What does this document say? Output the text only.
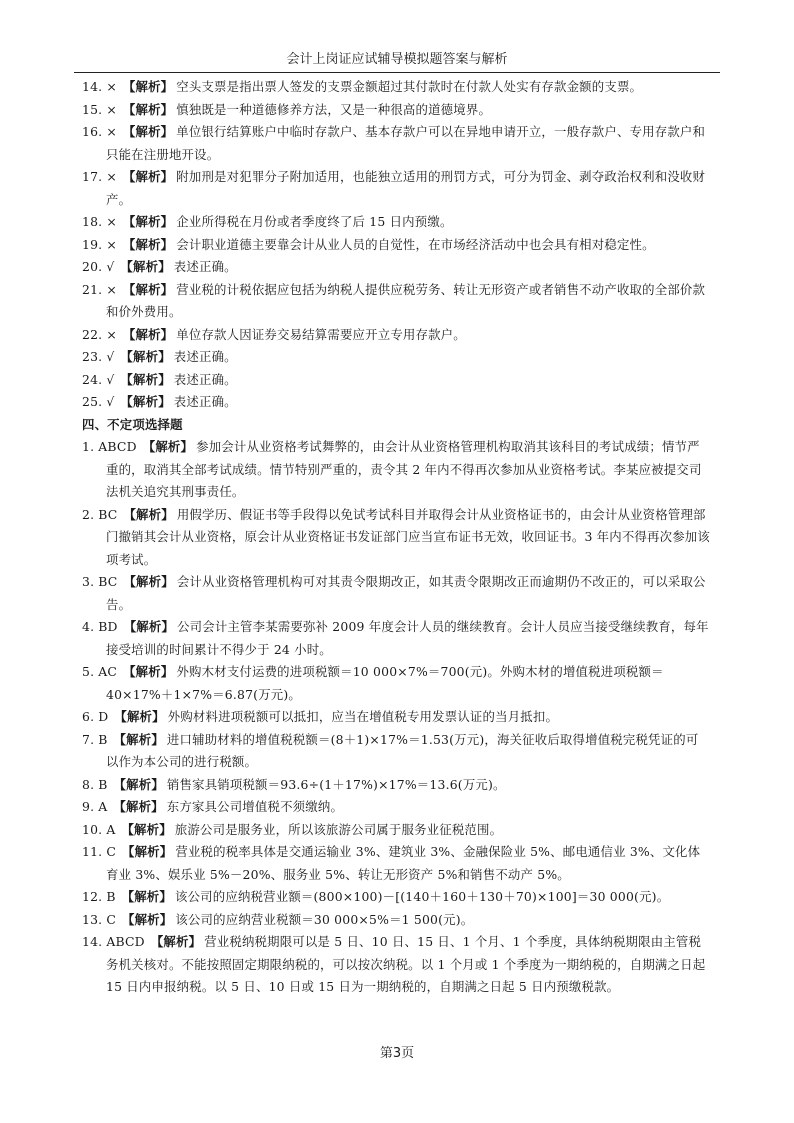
会计上岗证应试辅导模拟题答案与解析

14. × 【解析】 空头支票是指出票人签发的支票金额超过其付款时在付款人处实有存款金额的支票。

15. × 【解析】 慎独既是一种道德修养方法，又是一种很高的道德境界。

16. × 【解析】 单位银行结算账户中临时存款户、基本存款户可以在异地申请开立，一般存款户、专用存款户和只能在注册地开设。

17. × 【解析】 附加刑是对犯罪分子附加适用，也能独立适用的刑罚方式，可分为罚金、剥夺政治权利和没收财产。

18. × 【解析】 企业所得税在月份或者季度终了后 15 日内预缴。

19. × 【解析】 会计职业道德主要靠会计从业人员的自觉性，在市场经济活动中也会具有相对稳定性。

20. √ 【解析】 表述正确。

21. × 【解析】 营业税的计税依据应包括为纳税人提供应税劳务、转让无形资产或者销售不动产收取的全部价款和价外费用。

22. × 【解析】 单位存款人因证券交易结算需要应开立专用存款户。

23. √ 【解析】 表述正确。

24. √ 【解析】 表述正确。

25. √ 【解析】 表述正确。

四、不定项选择题

1. ABCD 【解析】 参加会计从业资格考试舞弊的，由会计从业资格管理机构取消其该科目的考试成绩；情节严重的，取消其全部考试成绩。情节特别严重的，责令其 2 年内不得再次参加从业资格考试。李某应被提交司法机关追究其刑事责任。

2. BC 【解析】 用假学历、假证书等手段得以免试考试科目并取得会计从业资格证书的，由会计从业资格管理部门撤销其会计从业资格，原会计从业资格证书发证部门应当宣布证书无效，收回证书。3 年内不得再次参加该项考试。

3. BC 【解析】 会计从业资格管理机构可对其责令限期改正，如其责令限期改正而逾期仍不改正的，可以采取公告。

4. BD 【解析】 公司会计主管李某需要弥补 2009 年度会计人员的继续教育。会计人员应当接受继续教育，每年接受培训的时间累计不得少于 24 小时。

5. AC 【解析】 外购木材支付运费的进项税额＝10 000×7%＝700(元)。外购木材的增值税进项税额＝40×17%＋1×7%＝6.87(万元)。

6. D 【解析】 外购材料进项税额可以抵扣，应当在增值税专用发票认证的当月抵扣。

7. B 【解析】 进口辅助材料的增值税税额＝(8＋1)×17%＝1.53(万元)，海关征收后取得增值税完税凭证的可以作为本公司的进行税额。

8. B 【解析】 销售家具销项税额＝93.6÷(1＋17%)×17%＝13.6(万元)。

9. A 【解析】 东方家具公司增值税不须缴纳。

10. A 【解析】 旅游公司是服务业，所以该旅游公司属于服务业征税范围。

11. C 【解析】 营业税的税率具体是交通运输业 3%、建筑业 3%、金融保险业 5%、邮电通信业 3%、文化体育业 3%、娱乐业 5%－20%、服务业 5%、转让无形资产 5%和销售不动产 5%。

12. B 【解析】 该公司的应纳税营业额＝(800×100)－[(140＋160＋130＋70)×100]＝30 000(元)。

13. C 【解析】 该公司的应纳营业税额＝30 000×5%＝1 500(元)。

14. ABCD 【解析】 营业税纳税期限可以是 5 日、10 日、15 日、1 个月、1 个季度，具体纳税期限由主管税务机关核对。不能按照固定期限纳税的，可以按次纳税。以 1 个月或 1 个季度为一期纳税的，自期满之日起 15 日内申报纳税。以 5 日、10 日或 15 日为一期纳税的，自期满之日起 5 日内预缴税款。

第3页
